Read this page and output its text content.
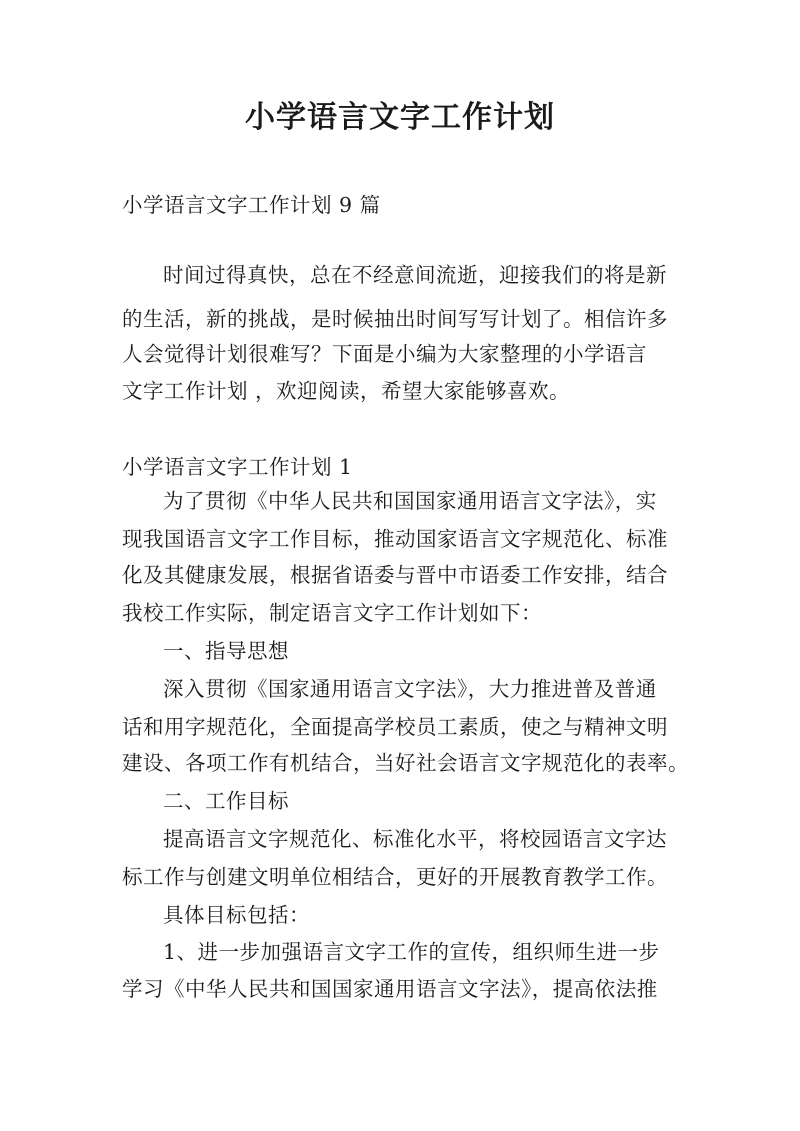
小学语言文字工作计划
小学语言文字工作计划 9 篇
时间过得真快，总在不经意间流逝，迎接我们的将是新
的生活，新的挑战，是时候抽出时间写写计划了。相信许多
人会觉得计划很难写？下面是小编为大家整理的小学语言
文字工作计划 ，欢迎阅读，希望大家能够喜欢。
小学语言文字工作计划 1
为了贯彻《中华人民共和国国家通用语言文字法》，实
现我国语言文字工作目标，推动国家语言文字规范化、标准
化及其健康发展，根据省语委与晋中市语委工作安排，结合
我校工作实际，制定语言文字工作计划如下：
一、指导思想
深入贯彻《国家通用语言文字法》，大力推进普及普通
话和用字规范化，全面提高学校员工素质，使之与精神文明
建设、各项工作有机结合，当好社会语言文字规范化的表率。
二、工作目标
提高语言文字规范化、标准化水平，将校园语言文字达
标工作与创建文明单位相结合，更好的开展教育教学工作。
具体目标包括：
1、进一步加强语言文字工作的宣传，组织师生进一步
学习《中华人民共和国国家通用语言文字法》，提高依法推
